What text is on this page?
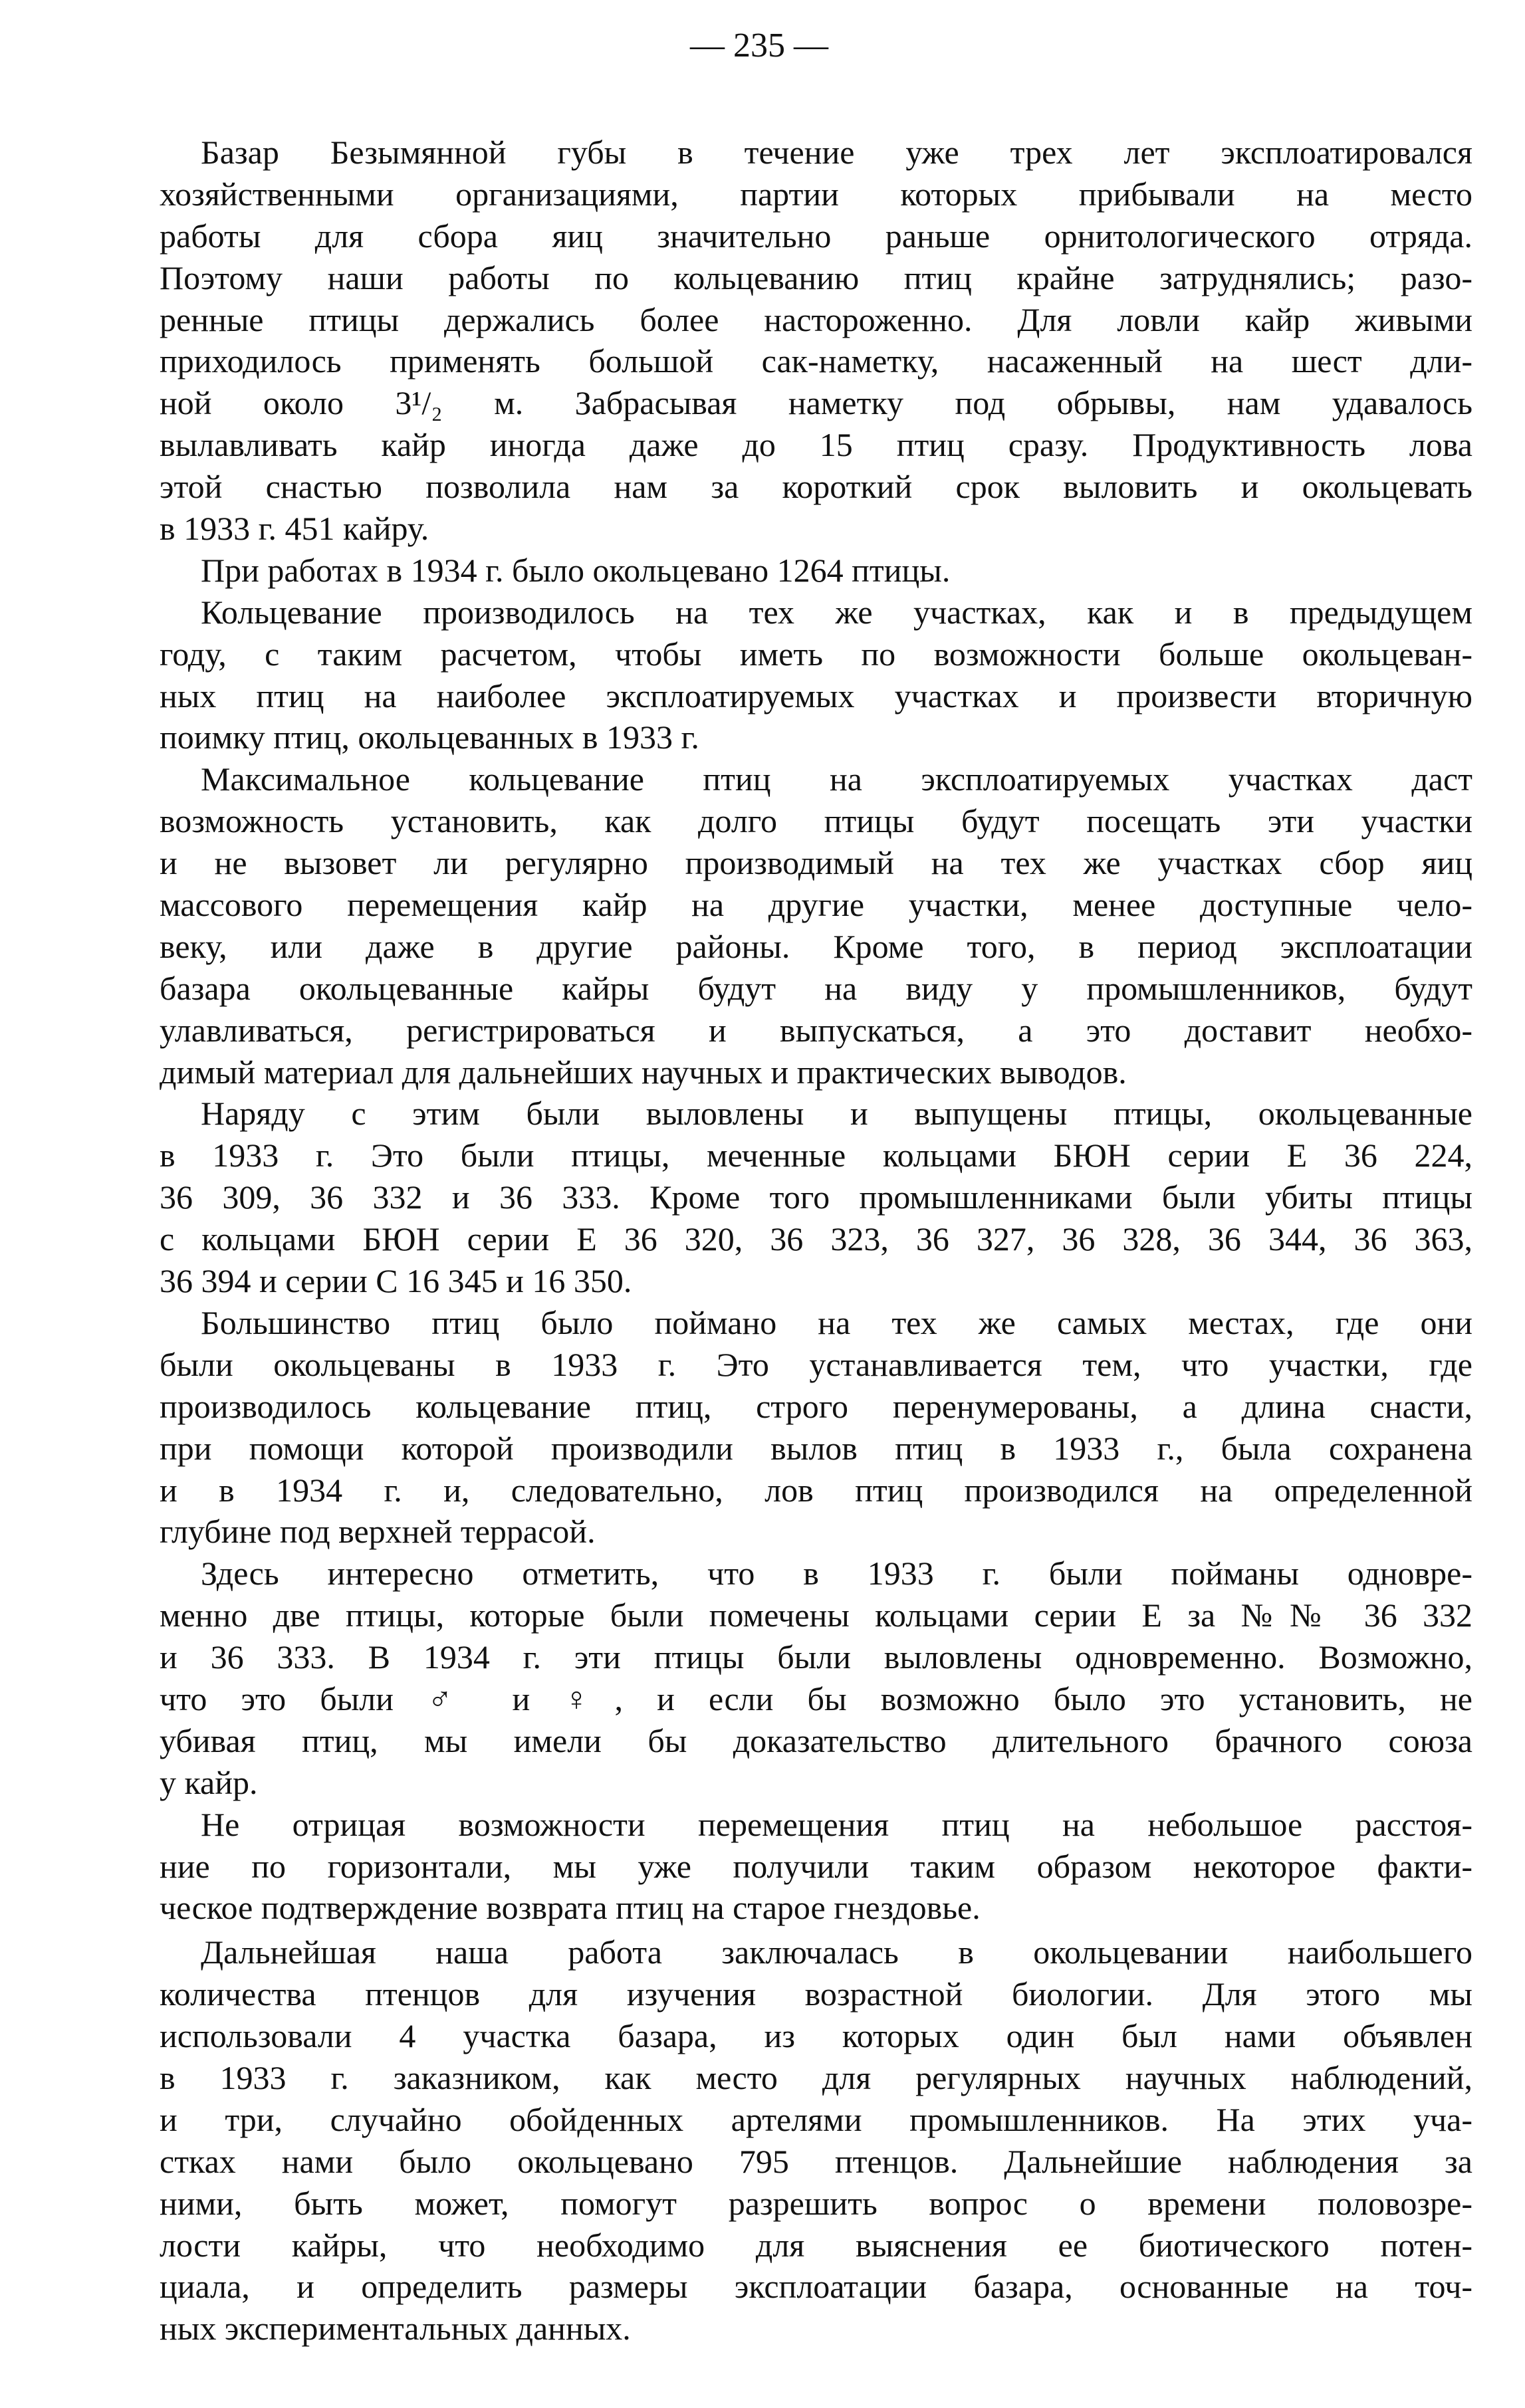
— 235 —
Базар Безымянной губы в течение уже трех лет эксплоатировался
хозяйственными организациями, партии которых прибывали на место
работы для сбора яиц значительно раньше орнитологического отряда.
Поэтому наши работы по кольцеванию птиц крайне затруднялись; разо-
ренные птицы держались более настороженно. Для ловли кайр живыми
приходилось применять большой сак-наметку, насаженный на шест дли-
ной около 3¹/₂ м. Забрасывая наметку под обрывы, нам удавалось
вылавливать кайр иногда даже до 15 птиц сразу. Продуктивность лова
этой снастью позволила нам за короткий срок выловить и окольцевать
в 1933 г. 451 кайру.
При работах в 1934 г. было окольцевано 1264 птицы.
Кольцевание производилось на тех же участках, как и в предыдущем
году, с таким расчетом, чтобы иметь по возможности больше окольцеван-
ных птиц на наиболее эксплоатируемых участках и произвести вторичную
поимку птиц, окольцеванных в 1933 г.
Максимальное кольцевание птиц на эксплоатируемых участках даст
возможность установить, как долго птицы будут посещать эти участки
и не вызовет ли регулярно производимый на тех же участках сбор яиц
массового перемещения кайр на другие участки, менее доступные чело-
веку, или даже в другие районы. Кроме того, в период эксплоатации
базара окольцеванные кайры будут на виду у промышленников, будут
улавливаться, регистрироваться и выпускаться, а это доставит необхо-
димый материал для дальнейших научных и практических выводов.
Наряду с этим были выловлены и выпущены птицы, окольцеванные
в 1933 г. Это были птицы, меченные кольцами БЮН серии Е 36 224,
36 309, 36 332 и 36 333. Кроме того промышленниками были убиты птицы
с кольцами БЮН серии Е 36 320, 36 323, 36 327, 36 328, 36 344, 36 363,
36 394 и серии С 16 345 и 16 350.
Большинство птиц было поймано на тех же самых местах, где они
были окольцеваны в 1933 г. Это устанавливается тем, что участки, где
производилось кольцевание птиц, строго перенумерованы, а длина снасти,
при помощи которой производили вылов птиц в 1933 г., была сохранена
и в 1934 г. и, следовательно, лов птиц производился на определенной
глубине под верхней террасой.
Здесь интересно отметить, что в 1933 г. были пойманы одновре-
менно две птицы, которые были помечены кольцами серии Е за №№ 36 332
и 36 333. В 1934 г. эти птицы были выловлены одновременно. Возможно,
что это были ♂ и ♀, и если бы возможно было это установить, не
убивая птиц, мы имели бы доказательство длительного брачного союза
у кайр.
Не отрицая возможности перемещения птиц на небольшое расстоя-
ние по горизонтали, мы уже получили таким образом некоторое факти-
ческое подтверждение возврата птиц на старое гнездовье.
Дальнейшая наша работа заключалась в окольцевании наибольшего
количества птенцов для изучения возрастной биологии. Для этого мы
использовали 4 участка базара, из которых один был нами объявлен
в 1933 г. заказником, как место для регулярных научных наблюдений,
и три, случайно обойденных артелями промышленников. На этих уча-
стках нами было окольцевано 795 птенцов. Дальнейшие наблюдения за
ними, быть может, помогут разрешить вопрос о времени половозре-
лости кайры, что необходимо для выяснения ее биотического потен-
циала, и определить размеры эксплоатации базара, основанные на точ-
ных экспериментальных данных.
